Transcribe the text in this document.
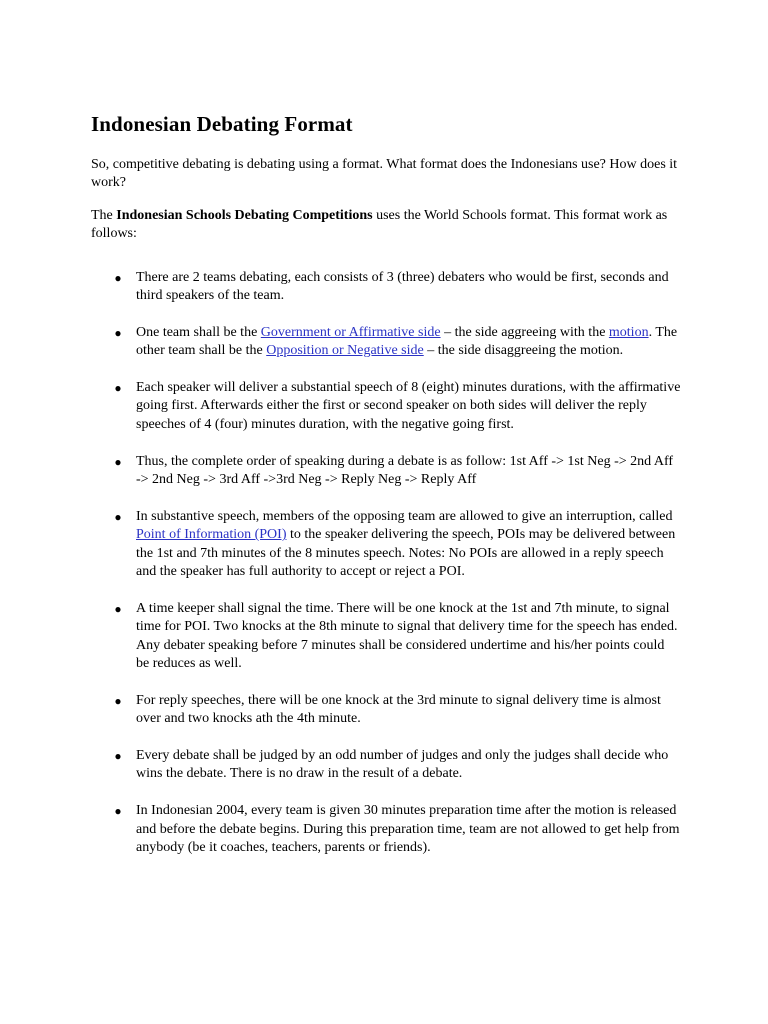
Indonesian Debating Format

So, competitive debating is debating using a format. What format does the Indonesians use? How does it work?

The Indonesian Schools Debating Competitions uses the World Schools format. This format work as follows:

● There are 2 teams debating, each consists of 3 (three) debaters who would be first, seconds and third speakers of the team.
● One team shall be the Government or Affirmative side – the side aggreeing with the motion. The other team shall be the Opposition or Negative side – the side disaggreeing the motion.
● Each speaker will deliver a substantial speech of 8 (eight) minutes durations, with the affirmative going first. Afterwards either the first or second speaker on both sides will deliver the reply speeches of 4 (four) minutes duration, with the negative going first.
● Thus, the complete order of speaking during a debate is as follow: 1st Aff -> 1st Neg -> 2nd Aff -> 2nd Neg -> 3rd Aff ->3rd Neg -> Reply Neg -> Reply Aff
● In substantive speech, members of the opposing team are allowed to give an interruption, called Point of Information (POI) to the speaker delivering the speech, POIs may be delivered between the 1st and 7th minutes of the 8 minutes speech. Notes: No POIs are allowed in a reply speech and the speaker has full authority to accept or reject a POI.
● A time keeper shall signal the time. There will be one knock at the 1st and 7th minute, to signal time for POI. Two knocks at the 8th minute to signal that delivery time for the speech has ended. Any debater speaking before 7 minutes shall be considered undertime and his/her points could be reduces as well.
● For reply speeches, there will be one knock at the 3rd minute to signal delivery time is almost over and two knocks ath the 4th minute.
● Every debate shall be judged by an odd number of judges and only the judges shall decide who wins the debate. There is no draw in the result of a debate.
● In Indonesian 2004, every team is given 30 minutes preparation time after the motion is released and before the debate begins. During this preparation time, team are not allowed to get help from anybody (be it coaches, teachers, parents or friends).
